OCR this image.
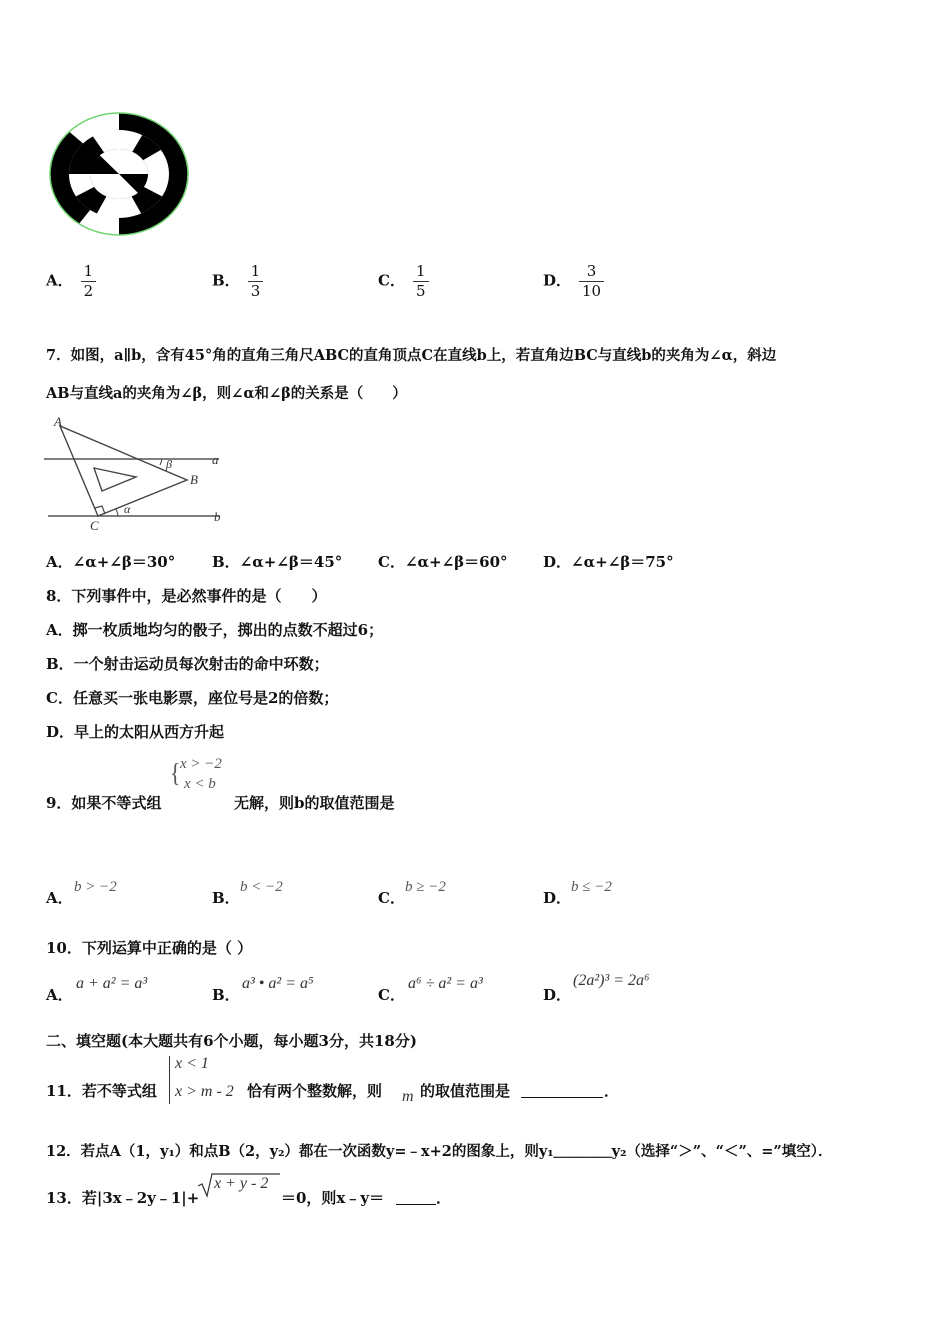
A． $\frac{1}{2}$	B． $\frac{1}{3}$	C． $\frac{1}{5}$	D． $\frac{3}{10}$
7．如图，a∥b，含有45°角的直角三角尺ABC的直角顶点C在直线b上，若直角边BC与直线b的夹角为∠α，斜边
AB与直线a的夹角为∠β，则∠α和∠β的关系是（　　）
A
B
C
a
b
α
β
A．∠α+∠β＝30° B．∠α+∠β＝45° C．∠α+∠β＝60° D．∠α+∠β＝75°
8．下列事件中，是必然事件的是（　　）
A．掷一枚质地均匀的骰子，掷出的点数不超过6；
B．一个射击运动员每次射击的命中环数；
C．任意买一张电影票，座位号是2的倍数；
D．早上的太阳从西方升起
9．如果不等式组
{ x > −2
x < b
无解，则b的取值范围是
A．
b > −2
B．
b < −2
C．
b ≥ −2
D．
b ≤ −2
10．下列运算中正确的是（ ）
A．
a + a² = a³
B．
a³ • a² = a⁵
C．
a⁶ ÷ a² = a³
D．
(2a²)³ = 2a⁶
二、填空题(本大题共有6个小题，每小题3分，共18分)
11．若不等式组
x < 1
x > m - 2 恰有两个整数解，则 m 的取值范围是	．
12．若点A（1，y₁）和点B（2，y₂）都在一次函数y=﹣x+2的图象上，则y₁＿＿＿＿y₂（选择“＞”、“＜”、=”填空）．
13．若|3x﹣2y﹣1|+
x + y - 2
＝0，则x﹣y＝	．
